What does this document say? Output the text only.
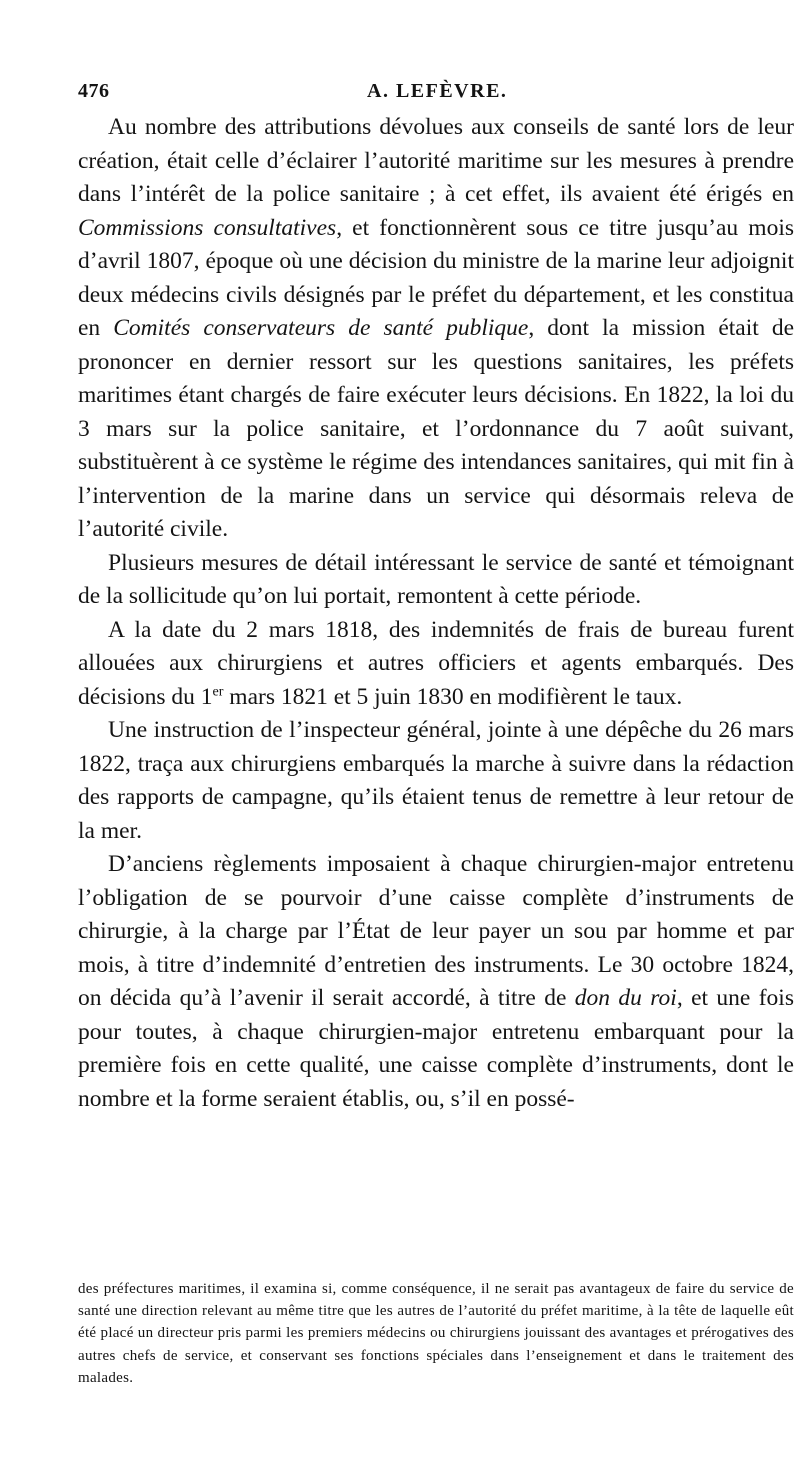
476	A. LEFÈVRE.

Au nombre des attributions dévolues aux conseils de santé lors de leur création, était celle d’éclairer l’autorité maritime sur les mesures à prendre dans l’intérêt de la police sanitaire ; à cet effet, ils avaient été érigés en Commissions consultatives, et fonctionnèrent sous ce titre jusqu’au mois d’avril 1807, époque où une décision du ministre de la marine leur adjoignit deux médecins civils désignés par le préfet du département, et les constitua en Comités conservateurs de santé publique, dont la mission était de prononcer en dernier ressort sur les questions sanitaires, les préfets maritimes étant chargés de faire exécuter leurs décisions. En 1822, la loi du 3 mars sur la police sanitaire, et l’ordonnance du 7 août suivant, substituèrent à ce système le régime des intendances sanitaires, qui mit fin à l’intervention de la marine dans un service qui désormais releva de l’autorité civile.

Plusieurs mesures de détail intéressant le service de santé et témoignant de la sollicitude qu’on lui portait, remontent à cette période.

A la date du 2 mars 1818, des indemnités de frais de bureau furent allouées aux chirurgiens et autres officiers et agents embarqués. Des décisions du 1er mars 1821 et 5 juin 1830 en modifièrent le taux.

Une instruction de l’inspecteur général, jointe à une dépêche du 26 mars 1822, traça aux chirurgiens embarqués la marche à suivre dans la rédaction des rapports de campagne, qu’ils étaient tenus de remettre à leur retour de la mer.

D’anciens règlements imposaient à chaque chirurgien-major entretenu l’obligation de se pourvoir d’une caisse complète d’instruments de chirurgie, à la charge par l’État de leur payer un sou par homme et par mois, à titre d’indemnité d’entretien des instruments. Le 30 octobre 1824, on décida qu’à l’avenir il serait accordé, à titre de don du roi, et une fois pour toutes, à chaque chirurgien-major entretenu embarquant pour la première fois en cette qualité, une caisse complète d’instruments, dont le nombre et la forme seraient établis, ou, s’il en possé-

des préfectures maritimes, il examina si, comme conséquence, il ne serait pas avantageux de faire du service de santé une direction relevant au même titre que les autres de l’autorité du préfet maritime, à la tête de laquelle eût été placé un directeur pris parmi les premiers médecins ou chirurgiens jouissant des avantages et prérogatives des autres chefs de service, et conservant ses fonctions spéciales dans l’enseignement et dans le traitement des malades.
